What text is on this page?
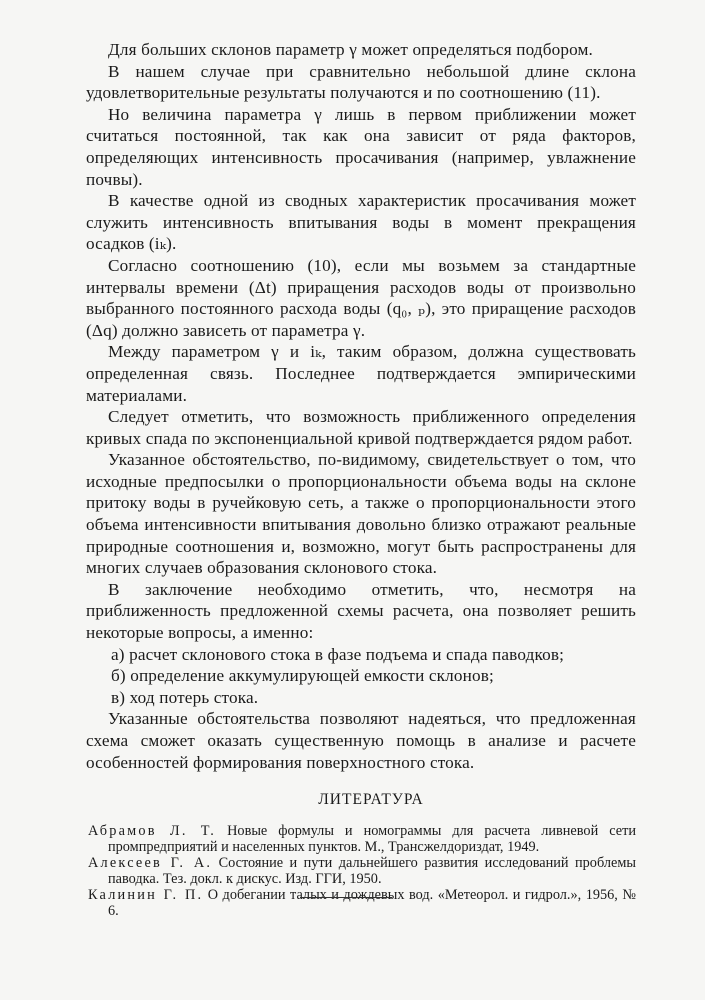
Для больших склонов параметр γ может определяться подбором.

В нашем случае при сравнительно небольшой длине склона удовлетворительные результаты получаются и по соотношению (11).

Но величина параметра γ лишь в первом приближении может считаться постоянной, так как она зависит от ряда факторов, определяющих интенсивность просачивания (например, увлажнение почвы).

В качестве одной из сводных характеристик просачивания может служить интенсивность впитывания воды в момент прекращения осадков (iₖ).

Согласно соотношению (10), если мы возьмем за стандартные интервалы времени (Δt) приращения расходов воды от произвольно выбранного постоянного расхода воды (q₀, ₚ), это приращение расходов (Δq) должно зависеть от параметра γ.

Между параметром γ и iₖ, таким образом, должна существовать определенная связь. Последнее подтверждается эмпирическими материалами.

Следует отметить, что возможность приближенного определения кривых спада по экспоненциальной кривой подтверждается рядом работ.

Указанное обстоятельство, по-видимому, свидетельствует о том, что исходные предпосылки о пропорциональности объема воды на склоне притоку воды в ручейковую сеть, а также о пропорциональности этого объема интенсивности впитывания довольно близко отражают реальные природные соотношения и, возможно, могут быть распространены для многих случаев образования склонового стока.

В заключение необходимо отметить, что, несмотря на приближенность предложенной схемы расчета, она позволяет решить некоторые вопросы, а именно:

а) расчет склонового стока в фазе подъема и спада паводков;

б) определение аккумулирующей емкости склонов;

в) ход потерь стока.

Указанные обстоятельства позволяют надеяться, что предложенная схема сможет оказать существенную помощь в анализе и расчете особенностей формирования поверхностного стока.

ЛИТЕРАТУРА

Абрамов Л. Т. Новые формулы и номограммы для расчета ливневой сети промпредприятий и населенных пунктов. М., Трансжелдориздат, 1949.

Алексеев Г. А. Состояние и пути дальнейшего развития исследований проблемы паводка. Тез. докл. к дискус. Изд. ГГИ, 1950.

Калинин Г. П. О добегании талых и дождевых вод. «Метеорол. и гидрол.», 1956, № 6.
